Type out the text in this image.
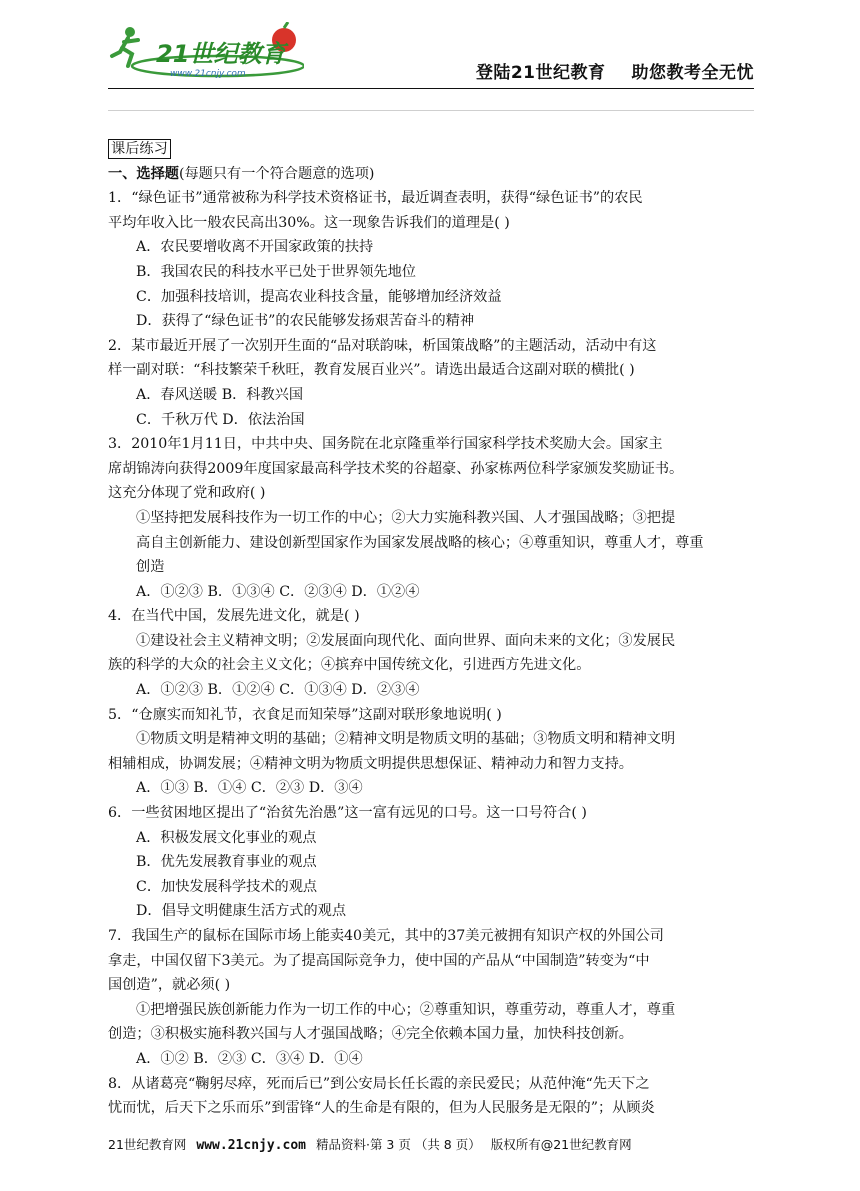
21世纪教育
www.21cnjy.com	登陆21世纪教育 助您教考全无忧
课后练习
一、选择题(每题只有一个符合题意的选项)
1．“绿色证书”通常被称为科学技术资格证书，最近调查表明，获得“绿色证书”的农民
平均年收入比一般农民高出30%。这一现象告诉我们的道理是( )
A．农民要增收离不开国家政策的扶持
B．我国农民的科技水平已处于世界领先地位
C．加强科技培训，提高农业科技含量，能够增加经济效益
D．获得了“绿色证书”的农民能够发扬艰苦奋斗的精神
2．某市最近开展了一次别开生面的“品对联韵味，析国策战略”的主题活动，活动中有这
样一副对联：“科技繁荣千秋旺，教育发展百业兴”。请选出最适合这副对联的横批( )
A．春风送暖 B．科教兴国
C．千秋万代 D．依法治国
3．2010年1月11日，中共中央、国务院在北京隆重举行国家科学技术奖励大会。国家主
席胡锦涛向获得2009年度国家最高科学技术奖的谷超豪、孙家栋两位科学家颁发奖励证书。
这充分体现了党和政府( )
①坚持把发展科技作为一切工作的中心；②大力实施科教兴国、人才强国战略；③把提
高自主创新能力、建设创新型国家作为国家发展战略的核心；④尊重知识，尊重人才，尊重
创造
A．①②③ B．①③④ C．②③④ D．①②④
4．在当代中国，发展先进文化，就是( )
①建设社会主义精神文明；②发展面向现代化、面向世界、面向未来的文化；③发展民
族的科学的大众的社会主义文化；④摈弃中国传统文化，引进西方先进文化。
A．①②③ B．①②④ C．①③④ D．②③④
5．“仓廪实而知礼节，衣食足而知荣辱”这副对联形象地说明( )
①物质文明是精神文明的基础；②精神文明是物质文明的基础；③物质文明和精神文明
相辅相成，协调发展；④精神文明为物质文明提供思想保证、精神动力和智力支持。
A．①③ B．①④ C．②③ D．③④
6．一些贫困地区提出了“治贫先治愚”这一富有远见的口号。这一口号符合( )
A．积极发展文化事业的观点
B．优先发展教育事业的观点
C．加快发展科学技术的观点
D．倡导文明健康生活方式的观点
7．我国生产的鼠标在国际市场上能卖40美元，其中的37美元被拥有知识产权的外国公司
拿走，中国仅留下3美元。为了提高国际竞争力，使中国的产品从“中国制造”转变为“中
国创造”，就必须( )
①把增强民族创新能力作为一切工作的中心；②尊重知识，尊重劳动，尊重人才，尊重
创造；③积极实施科教兴国与人才强国战略；④完全依赖本国力量，加快科技创新。
A．①② B．②③ C．③④ D．①④
8．从诸葛亮“鞠躬尽瘁，死而后已”到公安局长任长霞的亲民爱民；从范仲淹“先天下之
忧而忧，后天下之乐而乐”到雷锋“人的生命是有限的，但为人民服务是无限的”；从顾炎
21世纪教育网 www.21cnjy.com 精品资料·第 3 页 （共 8 页） 版权所有@21世纪教育网
